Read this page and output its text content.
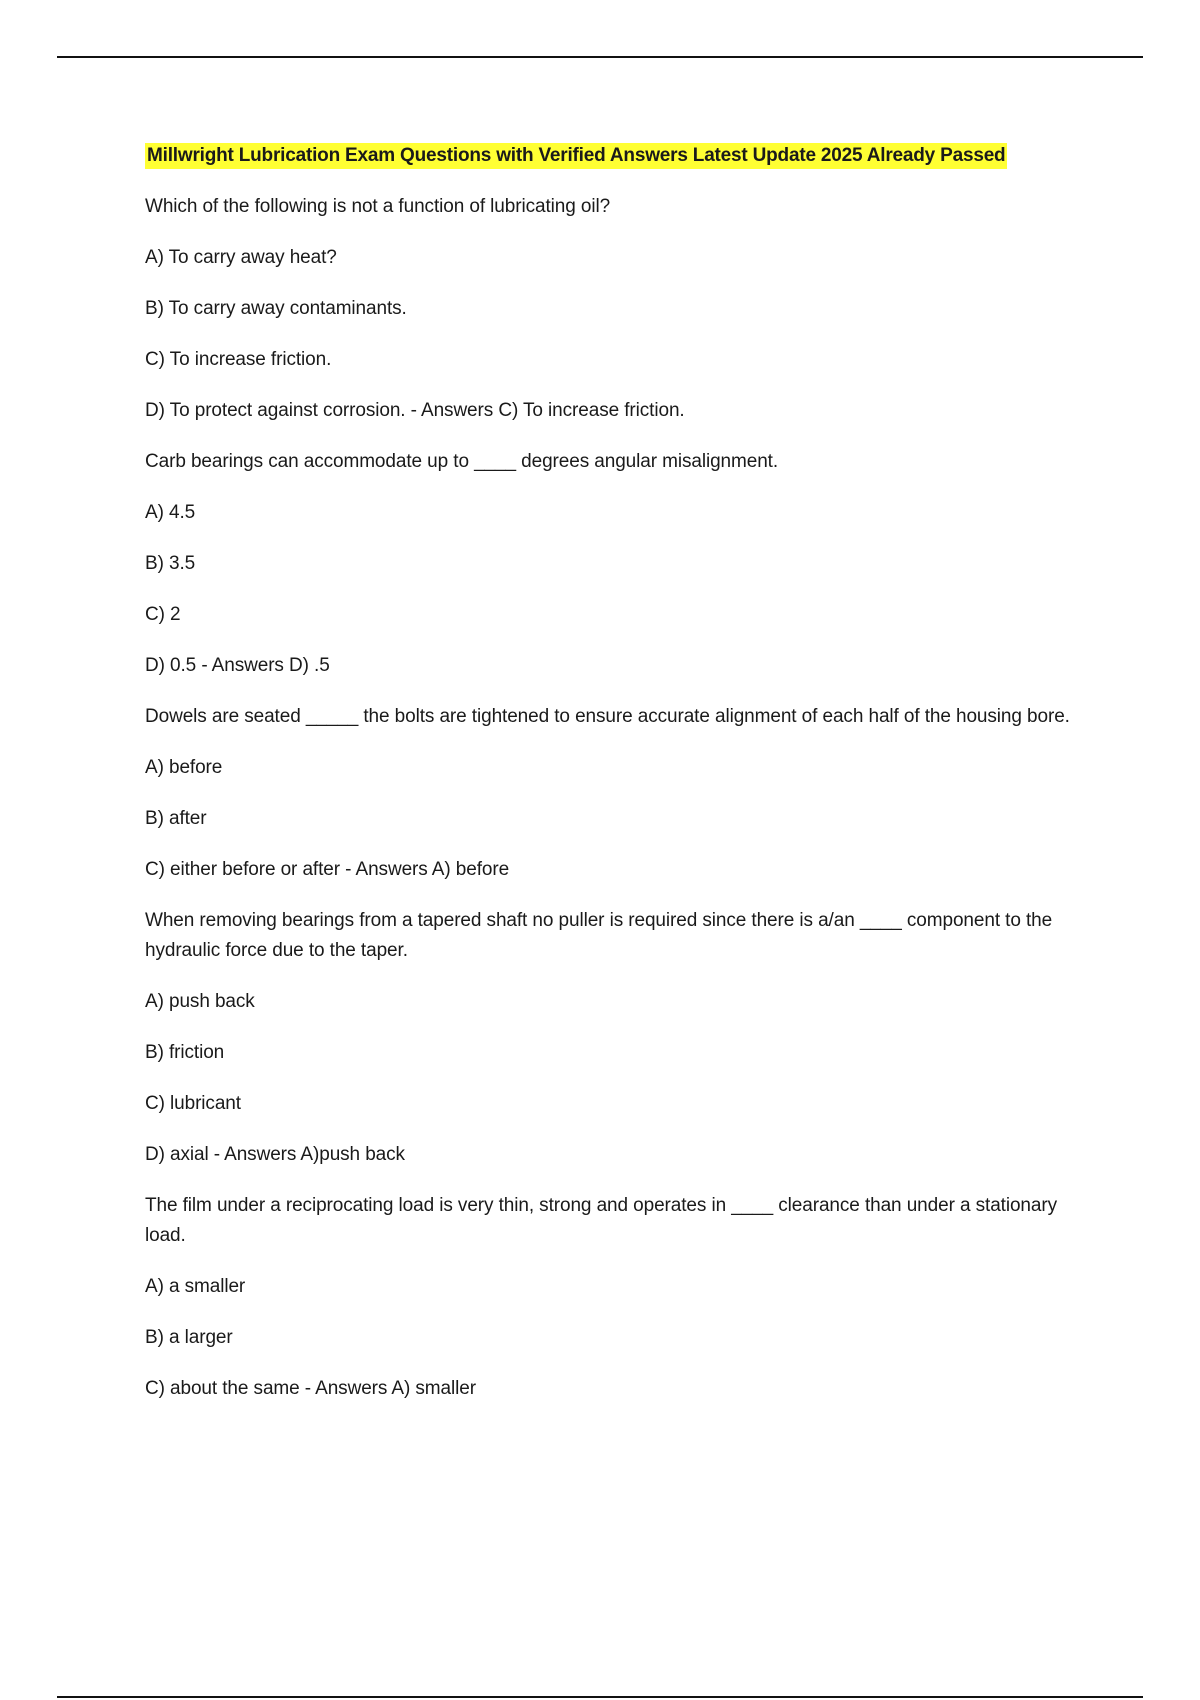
Millwright Lubrication Exam Questions with Verified Answers Latest Update 2025 Already Passed

Which of the following is not a function of lubricating oil?

A) To carry away heat?

B) To carry away contaminants.

C) To increase friction.

D) To protect against corrosion. - Answers C) To increase friction.

Carb bearings can accommodate up to ____ degrees angular misalignment.

A) 4.5

B) 3.5

C) 2

D) 0.5 - Answers D) .5

Dowels are seated _____ the bolts are tightened to ensure accurate alignment of each half of the housing bore.

A) before

B) after

C) either before or after - Answers A) before

When removing bearings from a tapered shaft no puller is required since there is a/an ____ component to the hydraulic force due to the taper.

A) push back

B) friction

C) lubricant

D) axial - Answers A)push back

The film under a reciprocating load is very thin, strong and operates in ____ clearance than under a stationary load.

A) a smaller

B) a larger

C) about the same - Answers A) smaller
